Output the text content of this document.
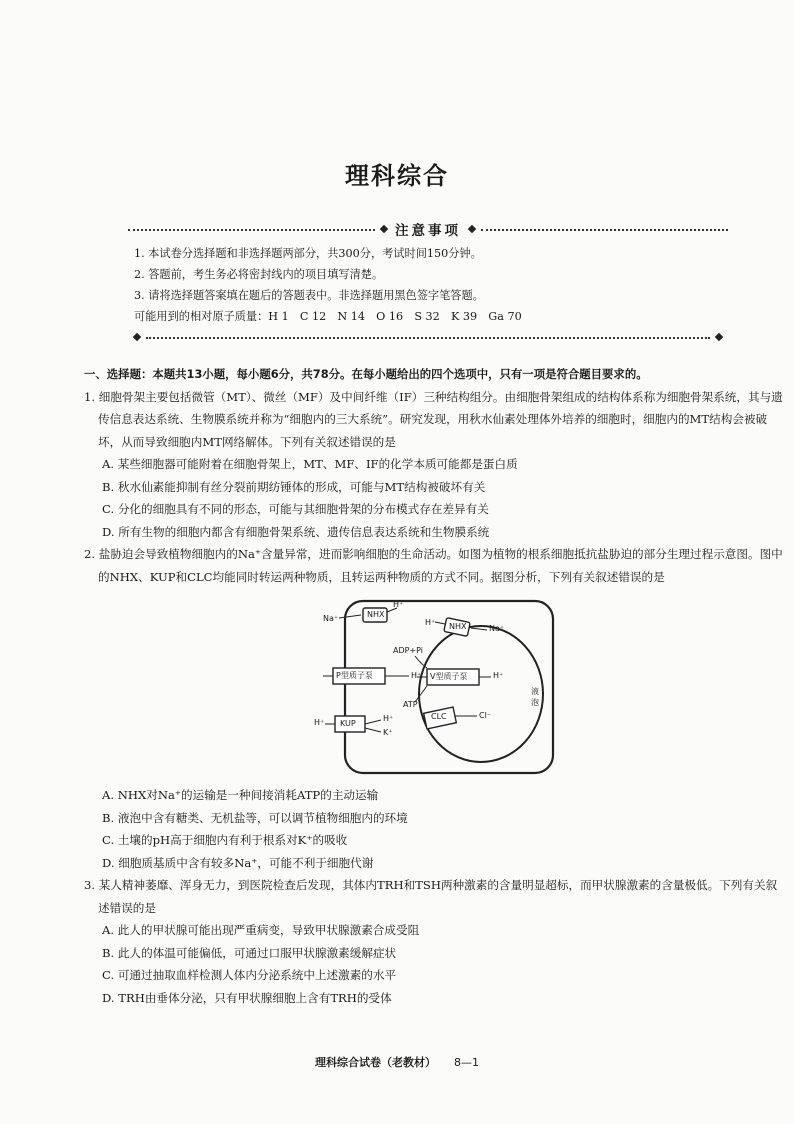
理科综合
注意事项
1. 本试卷分选择题和非选择题两部分，共300分，考试时间150分钟。
2. 答题前，考生务必将密封线内的项目填写清楚。
3. 请将选择题答案填在题后的答题表中。非选择题用黑色签字笔答题。
可能用到的相对原子质量：H 1　C 12　N 14　O 16　S 32　K 39　Ga 70
一、选择题：本题共13小题，每小题6分，共78分。在每小题给出的四个选项中，只有一项是符合题目要求的。
1. 细胞骨架主要包括微管（MT）、微丝（MF）及中间纤维（IF）三种结构组分。由细胞骨架组成的结构体系称为细胞骨架系统，其与遗传信息表达系统、生物膜系统并称为“细胞内的三大系统”。研究发现，用秋水仙素处理体外培养的细胞时，细胞内的MT结构会被破坏，从而导致细胞内MT网络解体。下列有关叙述错误的是
A. 某些细胞器可能附着在细胞骨架上，MT、MF、IF的化学本质可能都是蛋白质
B. 秋水仙素能抑制有丝分裂前期纺锤体的形成，可能与MT结构被破坏有关
C. 分化的细胞具有不同的形态，可能与其细胞骨架的分布模式存在差异有关
D. 所有生物的细胞内都含有细胞骨架系统、遗传信息表达系统和生物膜系统
2. 盐胁迫会导致植物细胞内的Na⁺含量异常，进而影响细胞的生命活动。如图为植物的根系细胞抵抗盐胁迫的部分生理过程示意图。图中的NHX、KUP和CLC均能同时转运两种物质，且转运两种物质的方式不同。据图分析，下列有关叙述错误的是
NHX
NHX
Na⁺
H⁺
H⁺
Na⁺
ADP+Pi
P型质子泵	V型质子泵
H⁺	H⁺
ATP
液泡
KUP
H⁺	H⁺
K⁺
CLC	Cl⁻
A. NHX对Na⁺的运输是一种间接消耗ATP的主动运输
B. 液泡中含有糖类、无机盐等，可以调节植物细胞内的环境
C. 土壤的pH高于细胞内有利于根系对K⁺的吸收
D. 细胞质基质中含有较多Na⁺，可能不利于细胞代谢
3. 某人精神萎靡、浑身无力，到医院检查后发现，其体内TRH和TSH两种激素的含量明显超标，而甲状腺激素的含量极低。下列有关叙述错误的是
A. 此人的甲状腺可能出现严重病变，导致甲状腺激素合成受阻
B. 此人的体温可能偏低，可通过口服甲状腺激素缓解症状
C. 可通过抽取血样检测人体内分泌系统中上述激素的水平
D. TRH由垂体分泌，只有甲状腺细胞上含有TRH的受体
理科综合试卷（老教材） 8—1
